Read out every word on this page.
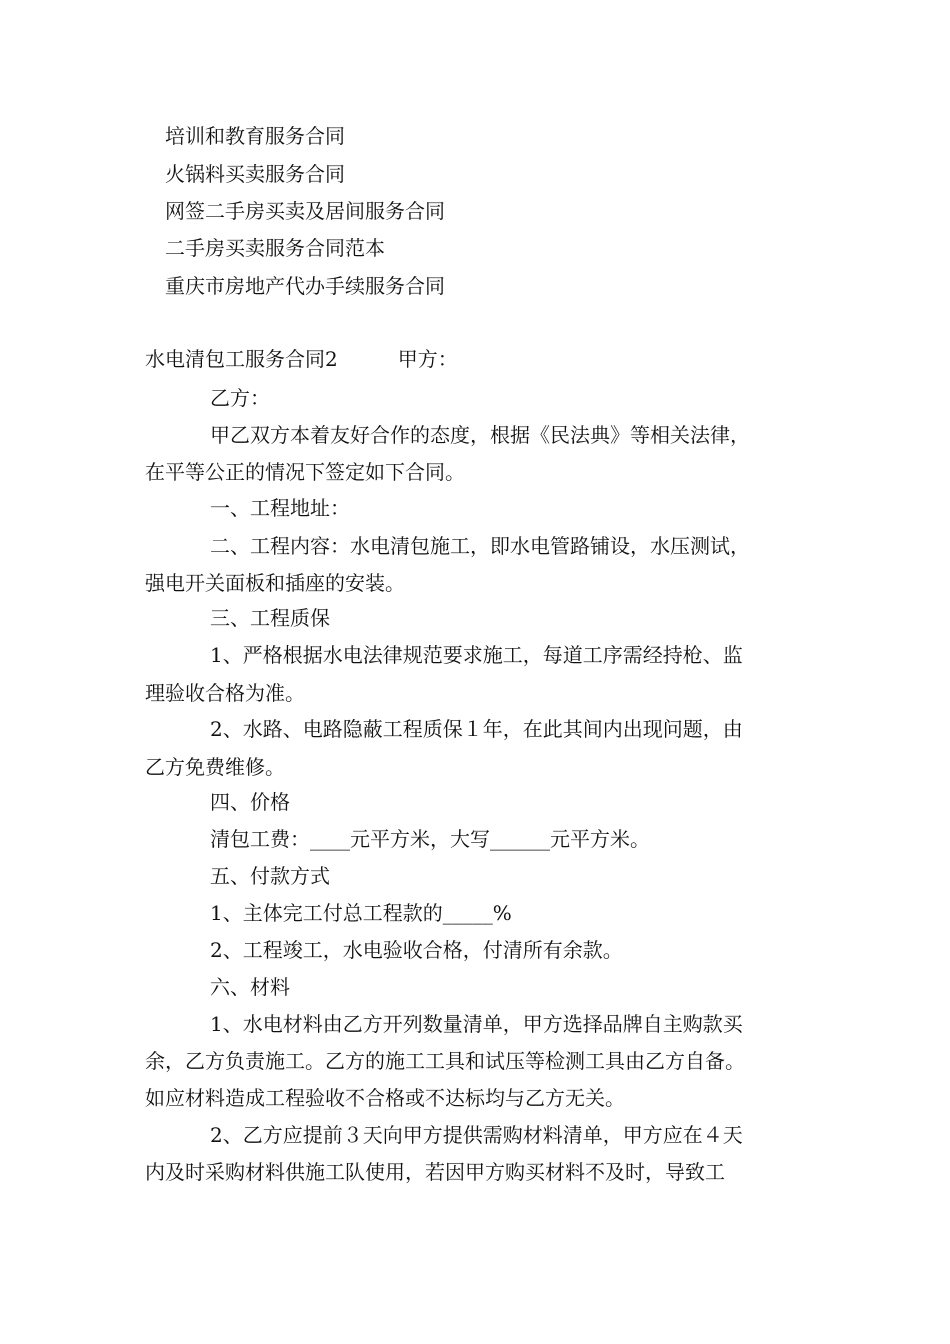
培训和教育服务合同
火锅料买卖服务合同
网签二手房买卖及居间服务合同
二手房买卖服务合同范本
重庆市房地产代办手续服务合同
水电清包工服务合同2　　　甲方：
乙方：
甲乙双方本着友好合作的态度，根据《民法典》等相关法律，
在平等公正的情况下签定如下合同。
一、工程地址：
二、工程内容：水电清包施工，即水电管路铺设，水压测试，
强电开关面板和插座的安装。
三、工程质保
1、严格根据水电法律规范要求施工，每道工序需经持枪、监
理验收合格为准。
2、水路、电路隐蔽工程质保１年，在此其间内出现问题，由
乙方免费维修。
四、价格
清包工费：____元平方米，大写______元平方米。
五、付款方式
1、主体完工付总工程款的_____%
2、工程竣工，水电验收合格，付清所有余款。
六、材料
1、水电材料由乙方开列数量清单，甲方选择品牌自主购款买
余，乙方负责施工。乙方的施工工具和试压等检测工具由乙方自备。
如应材料造成工程验收不合格或不达标均与乙方无关。
2、乙方应提前３天向甲方提供需购材料清单，甲方应在４天
内及时采购材料供施工队使用，若因甲方购买材料不及时，导致工
